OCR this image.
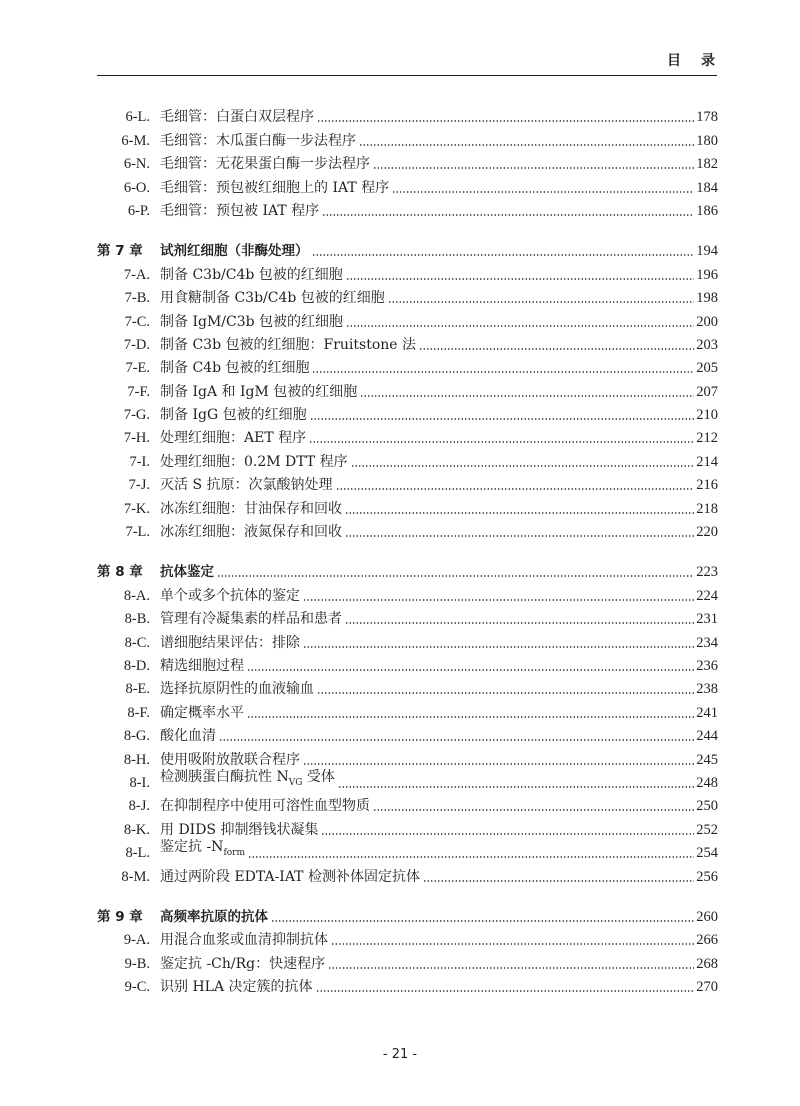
目录
6-L. 毛细管：白蛋白双层程序	178
6-M. 毛细管：木瓜蛋白酶一步法程序	180
6-N. 毛细管：无花果蛋白酶一步法程序	182
6-O. 毛细管：预包被红细胞上的 IAT 程序	184
6-P. 毛细管：预包被 IAT 程序	186
第 7 章	试剂红细胞（非酶处理）	194
7-A. 制备 C3b/C4b 包被的红细胞	196
7-B. 用食糖制备 C3b/C4b 包被的红细胞	198
7-C. 制备 IgM/C3b 包被的红细胞	200
7-D. 制备 C3b 包被的红细胞：Fruitstone 法	203
7-E. 制备 C4b 包被的红细胞	205
7-F. 制备 IgA 和 IgM 包被的红细胞	207
7-G. 制备 IgG 包被的红细胞	210
7-H. 处理红细胞：AET 程序	212
7-I. 处理红细胞：0.2M DTT 程序	214
7-J. 灭活 S 抗原：次氯酸钠处理	216
7-K. 冰冻红细胞：甘油保存和回收	218
7-L. 冰冻红细胞：液氮保存和回收	220
第 8 章	抗体鉴定	223
8-A. 单个或多个抗体的鉴定	224
8-B. 管理有冷凝集素的样品和患者	231
8-C. 谱细胞结果评估：排除	234
8-D. 精选细胞过程	236
8-E. 选择抗原阴性的血液输血	238
8-F. 确定概率水平	241
8-G. 酸化血清	244
8-H. 使用吸附放散联合程序	245
8-I. 检测胰蛋白酶抗性 $N_{VG}$ 受体	248
8-J. 在抑制程序中使用可溶性血型物质	250
8-K. 用 DIDS 抑制缗钱状凝集	252
8-L. 鉴定抗 $-N_{form}$	254
8-M. 通过两阶段 EDTA-IAT 检测补体固定抗体	256
第 9 章	高频率抗原的抗体	260
9-A. 用混合血浆或血清抑制抗体	266
9-B. 鉴定抗 -Ch/Rg：快速程序	268
9-C. 识别 HLA 决定簇的抗体	270
- 21 -
